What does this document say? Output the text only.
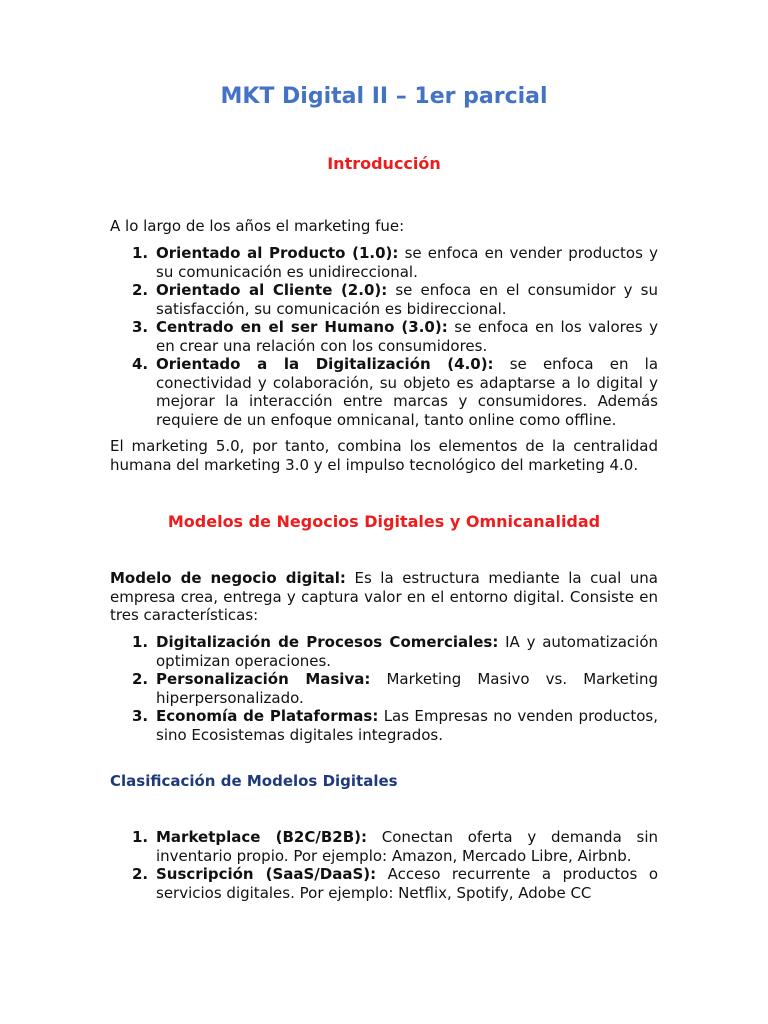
MKT Digital II – 1er parcial
Introducción

A lo largo de los años el marketing fue:

1. Orientado al Producto (1.0): se enfoca en vender productos y su comunicación es unidireccional.
2. Orientado al Cliente (2.0): se enfoca en el consumidor y su satisfacción, su comunicación es bidireccional.
3. Centrado en el ser Humano (3.0): se enfoca en los valores y en crear una relación con los consumidores.
4. Orientado a la Digitalización (4.0): se enfoca en la conectividad y colaboración, su objeto es adaptarse a lo digital y mejorar la interacción entre marcas y consumidores. Además requiere de un enfoque omnicanal, tanto online como offline.

El marketing 5.0, por tanto, combina los elementos de la centralidad humana del marketing 3.0 y el impulso tecnológico del marketing 4.0.

Modelos de Negocios Digitales y Omnicanalidad

Modelo de negocio digital: Es la estructura mediante la cual una empresa crea, entrega y captura valor en el entorno digital. Consiste en tres características:

1. Digitalización de Procesos Comerciales: IA y automatización optimizan operaciones.
2. Personalización Masiva: Marketing Masivo vs. Marketing hiperpersonalizado.
3. Economía de Plataformas: Las Empresas no venden productos, sino Ecosistemas digitales integrados.
Clasificación de Modelos Digitales
1. Marketplace (B2C/B2B): Conectan oferta y demanda sin inventario propio. Por ejemplo: Amazon, Mercado Libre, Airbnb.
2. Suscripción (SaaS/DaaS): Acceso recurrente a productos o servicios digitales. Por ejemplo: Netflix, Spotify, Adobe CC
